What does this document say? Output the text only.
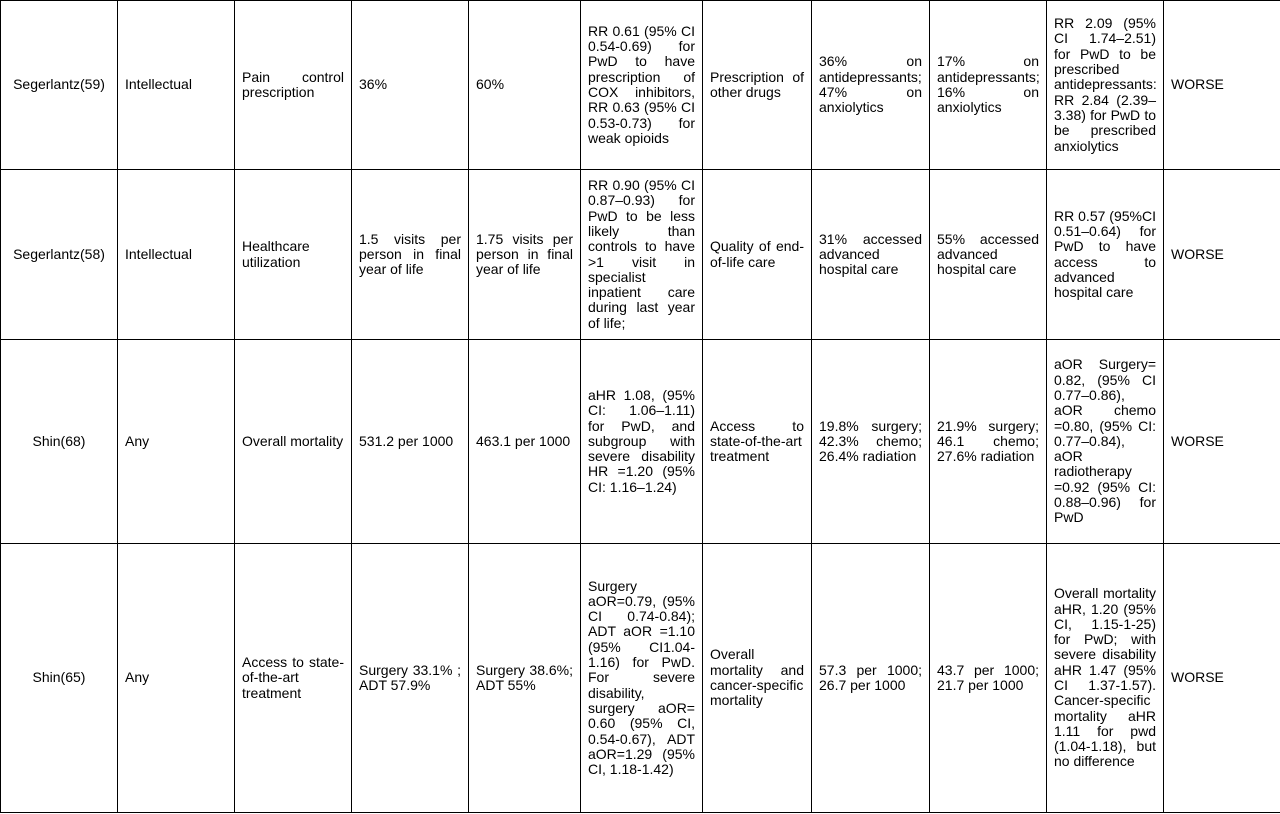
Segerlantz(59)	Intellectual	Pain control prescription	36%	60%	RR 0.61 (95% CI 0.54-0.69) for PwD to have prescription of COX inhibitors, RR 0.63 (95% CI 0.53-0.73) for weak opioids	Prescription of other drugs	36% on antidepressants; 47% on anxiolytics	17% on antidepressants; 16% on anxiolytics	RR 2.09 (95% CI 1.74–2.51) for PwD to be prescribed antidepressants: RR 2.84 (2.39–3.38) for PwD to be prescribed anxiolytics	WORSE
Segerlantz(58)	Intellectual	Healthcare utilization	1.5 visits per person in final year of life	1.75 visits per person in final year of life	RR 0.90 (95% CI 0.87–0.93) for PwD to be less likely than controls to have >1 visit in specialist inpatient care during last year of life;	Quality of end-of-life care	31% accessed advanced hospital care	55% accessed advanced hospital care	RR 0.57 (95%CI 0.51–0.64) for PwD to have access to advanced hospital care	WORSE
Shin(68)	Any	Overall mortality	531.2 per 1000	463.1 per 1000	aHR 1.08, (95% CI: 1.06–1.11) for PwD, and subgroup with severe disability HR =1.20 (95% CI: 1.16–1.24)	Access to state-of-the-art treatment	19.8% surgery; 42.3% chemo; 26.4% radiation	21.9% surgery; 46.1 chemo; 27.6% radiation	aOR Surgery= 0.82, (95% CI 0.77–0.86), aOR chemo =0.80, (95% CI: 0.77–0.84), aOR radiotherapy =0.92 (95% CI: 0.88–0.96) for PwD	WORSE
Shin(65)	Any	Access to state-of-the-art treatment	Surgery 33.1% ; ADT 57.9%	Surgery 38.6%; ADT 55%	Surgery aOR=0.79, (95% CI 0.74-0.84); ADT aOR =1.10 (95% CI1.04-1.16) for PwD. For severe disability, surgery aOR= 0.60 (95% CI, 0.54-0.67), ADT aOR=1.29 (95% CI, 1.18-1.42)	Overall mortality and cancer-specific mortality	57.3 per 1000; 26.7 per 1000	43.7 per 1000; 21.7 per 1000	Overall mortality aHR, 1.20 (95% CI, 1.15-1-25) for PwD; with severe disability aHR 1.47 (95% CI 1.37-1.57). Cancer-specific mortality aHR 1.11 for pwd (1.04-1.18), but no difference	WORSE
